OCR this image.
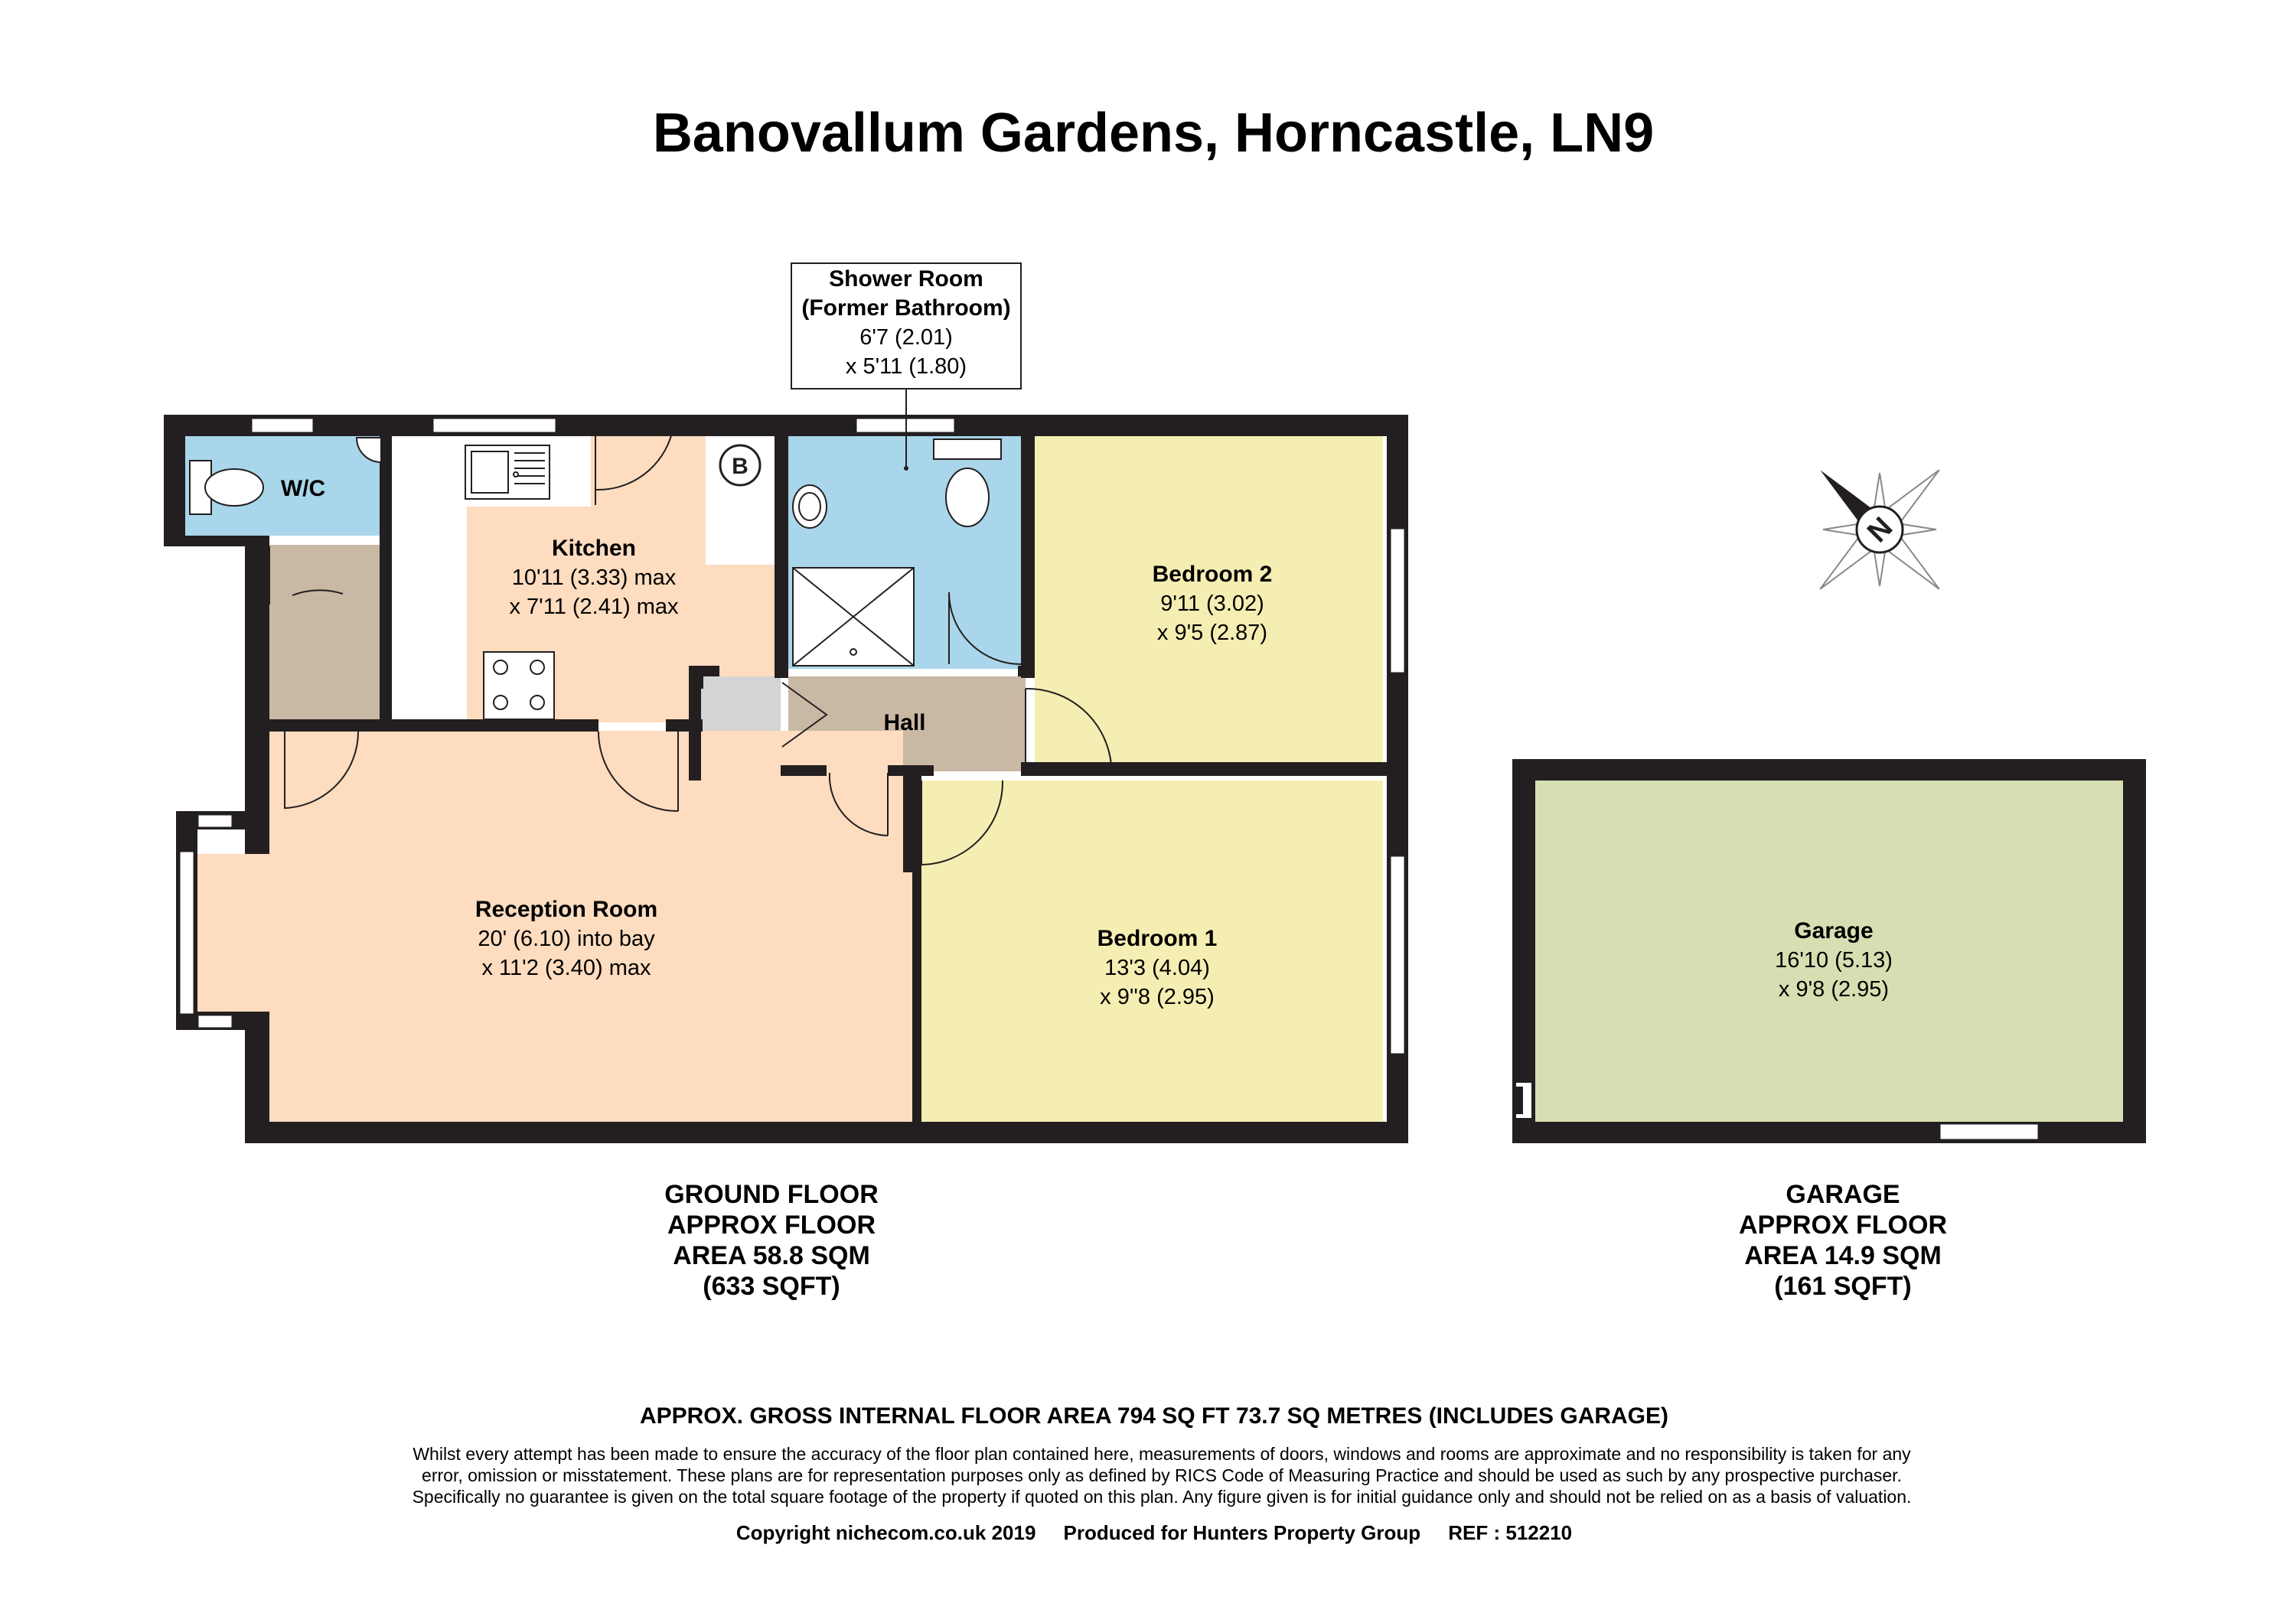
Banovallum Gardens, Horncastle, LN9
B
W/C
Kitchen
10'11 (3.33) max
x 7'11 (2.41) max
Bedroom 2
9'11 (3.02)
x 9'5 (2.87)
Hall
Reception Room
20' (6.10) into bay
x 11'2 (3.40) max
Bedroom 1
13'3 (4.04)
x 9''8 (2.95)
Shower Room
(Former Bathroom)
6'7 (2.01)
x 5'11 (1.80)
Garage
16'10 (5.13)
x 9'8 (2.95)
N
GROUND FLOOR
APPROX FLOOR
AREA 58.8 SQM
(633 SQFT)
GARAGE
APPROX FLOOR
AREA 14.9 SQM
(161 SQFT)
APPROX. GROSS INTERNAL FLOOR AREA 794 SQ FT 73.7 SQ METRES (INCLUDES GARAGE)
Whilst every attempt has been made to ensure the accuracy of the floor plan contained here, measurements of doors, windows and rooms are approximate and no responsibility is taken for any
error, omission or misstatement. These plans are for representation purposes only as defined by RICS Code of Measuring Practice and should be used as such by any prospective purchaser.
Specifically no guarantee is given on the total square footage of the property if quoted on this plan. Any figure given is for initial guidance only and should not be relied on as a basis of valuation.
Copyright nichecom.co.uk 2019     Produced for Hunters Property Group     REF : 512210
